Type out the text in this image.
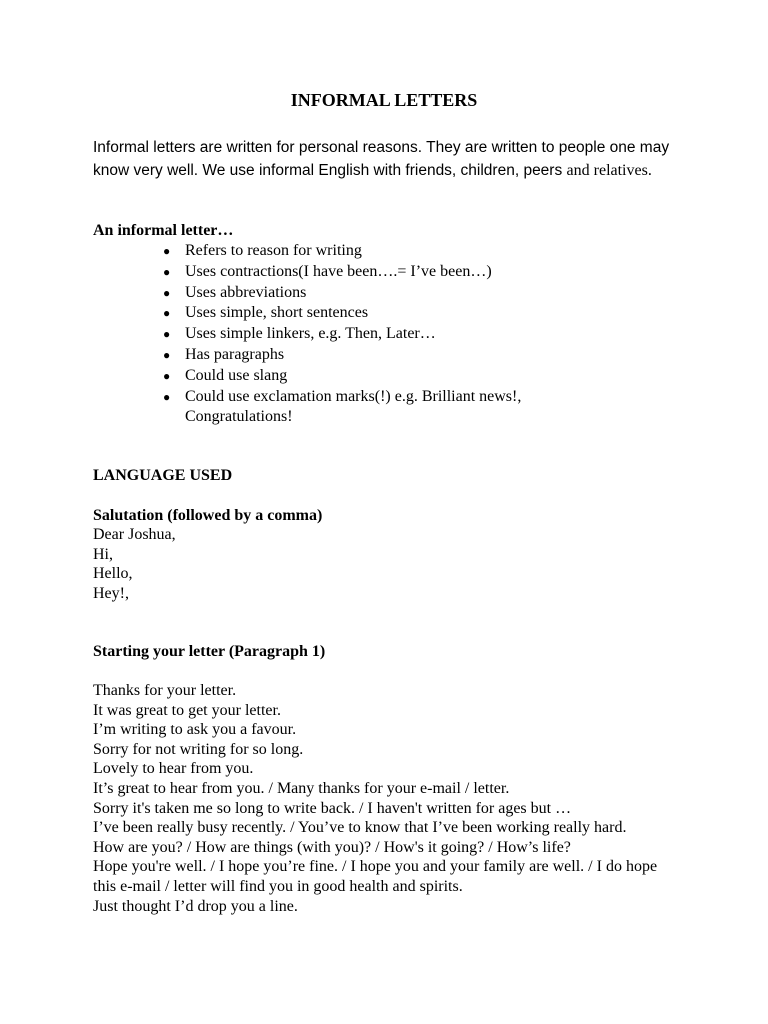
INFORMAL LETTERS
Informal letters are written for personal reasons. They are written to people one may know very well. We use informal English with friends, children, peers and relatives.
An informal letter…
● Refers to reason for writing
● Uses contractions(I have been….= I’ve been…)
● Uses abbreviations
● Uses simple, short sentences
● Uses simple linkers, e.g. Then, Later…
● Has paragraphs
● Could use slang
● Could use exclamation marks(!) e.g. Brilliant news!, Congratulations!
LANGUAGE USED
Salutation (followed by a comma)
Dear Joshua,
Hi,
Hello,
Hey!,
Starting your letter (Paragraph 1)
Thanks for your letter.
It was great to get your letter.
I’m writing to ask you a favour.
Sorry for not writing for so long.
Lovely to hear from you.
It’s great to hear from you. / Many thanks for your e-mail / letter.
Sorry it's taken me so long to write back. / I haven't written for ages but …
I’ve been really busy recently. / You’ve to know that I’ve been working really hard.
How are you? / How are things (with you)? / How's it going? / How’s life?
Hope you're well. / I hope you’re fine. / I hope you and your family are well. / I do hope this e-mail / letter will find you in good health and spirits.
Just thought I’d drop you a line.
